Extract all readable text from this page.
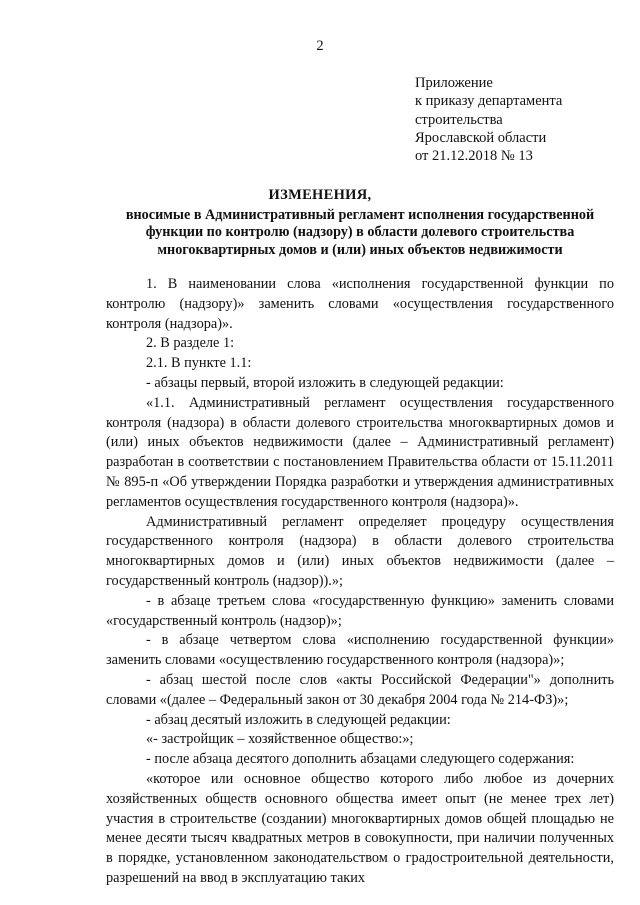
2
Приложение
к приказу департамента
строительства
Ярославской области
от 21.12.2018 № 13
ИЗМЕНЕНИЯ,
вносимые в Административный регламент исполнения государственной
функции по контролю (надзору) в области долевого строительства
многоквартирных домов и (или) иных объектов недвижимости

1. В наименовании слова «исполнения государственной функции по контролю (надзору)» заменить словами «осуществления государственного контроля (надзора)».

2. В разделе 1:

2.1. В пункте 1.1:

- абзацы первый, второй изложить в следующей редакции:

«1.1. Административный регламент осуществления государственного контроля (надзора) в области долевого строительства многоквартирных домов и (или) иных объектов недвижимости (далее – Административный регламент) разработан в соответствии с постановлением Правительства области от 15.11.2011 № 895-п «Об утверждении Порядка разработки и утверждения административных регламентов осуществления государственного контроля (надзора)».

Административный регламент определяет процедуру осуществления государственного контроля (надзора) в области долевого строительства многоквартирных домов и (или) иных объектов недвижимости (далее – государственный контроль (надзор)).»;

- в абзаце третьем слова «государственную функцию» заменить словами «государственный контроль (надзор)»;

- в абзаце четвертом слова «исполнению государственной функции» заменить словами «осуществлению государственного контроля (надзора)»;

- абзац шестой после слов «акты Российской Федерации"» дополнить словами «(далее – Федеральный закон от 30 декабря 2004 года № 214-ФЗ)»;

- абзац десятый изложить в следующей редакции:

«- застройщик – хозяйственное общество:»;

- после абзаца десятого дополнить абзацами следующего содержания:

«которое или основное общество которого либо любое из дочерних хозяйственных обществ основного общества имеет опыт (не менее трех лет) участия в строительстве (создании) многоквартирных домов общей площадью не менее десяти тысяч квадратных метров в совокупности, при наличии полученных в порядке, установленном законодательством о градостроительной деятельности, разрешений на ввод в эксплуатацию таких
